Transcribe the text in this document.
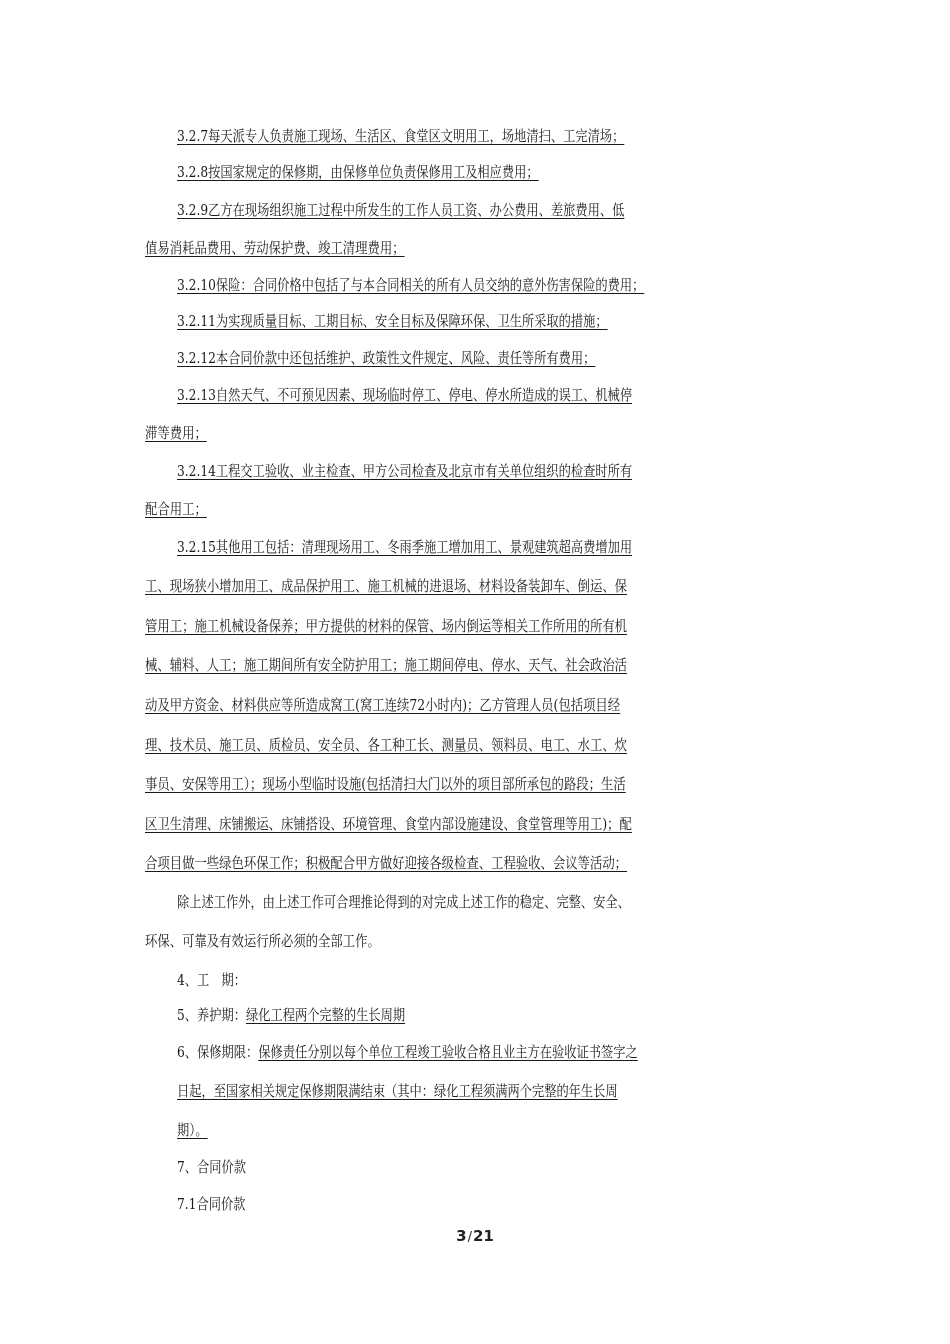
3.2.7每天派专人负责施工现场、生活区、食堂区文明用工，场地清扫、工完清场；
3.2.8按国家规定的保修期，由保修单位负责保修用工及相应费用；
3.2.9乙方在现场组织施工过程中所发生的工作人员工资、办公费用、差旅费用、低
值易消耗品费用、劳动保护费、竣工清理费用；
3.2.10保险：合同价格中包括了与本合同相关的所有人员交纳的意外伤害保险的费用；
3.2.11为实现质量目标、工期目标、安全目标及保障环保、卫生所采取的措施；
3.2.12本合同价款中还包括维护、政策性文件规定、风险、责任等所有费用；
3.2.13自然天气、不可预见因素、现场临时停工、停电、停水所造成的误工、机械停
滞等费用；
3.2.14工程交工验收、业主检查、甲方公司检查及北京市有关单位组织的检查时所有
配合用工；
3.2.15其他用工包括：清理现场用工、冬雨季施工增加用工、景观建筑超高费增加用
工、现场狭小增加用工、成品保护用工、施工机械的进退场、材料设备装卸车、倒运、保
管用工；施工机械设备保养；甲方提供的材料的保管、场内倒运等相关工作所用的所有机
械、辅料、人工；施工期间所有安全防护用工；施工期间停电、停水、天气、社会政治活
动及甲方资金、材料供应等所造成窝工(窝工连续72小时内)；乙方管理人员(包括项目经
理、技术员、施工员、质检员、安全员、各工种工长、测量员、领料员、电工、水工、炊
事员、安保等用工）；现场小型临时设施(包括清扫大门以外的项目部所承包的路段；生活
区卫生清理、床铺搬运、床铺搭设、环境管理、食堂内部设施建设、食堂管理等用工)；配
合项目做一些绿色环保工作；积极配合甲方做好迎接各级检查、工程验收、会议等活动；
除上述工作外，由上述工作可合理推论得到的对完成上述工作的稳定、完整、安全、
环保、可靠及有效运行所必须的全部工作。
4、工　期：
5、养护期：绿化工程两个完整的生长周期
6、保修期限：保修责任分别以每个单位工程竣工验收合格且业主方在验收证书签字之
日起，至国家相关规定保修期限满结束（其中：绿化工程须满两个完整的年生长周
期）。
7、合同价款
7.1合同价款
3/21
